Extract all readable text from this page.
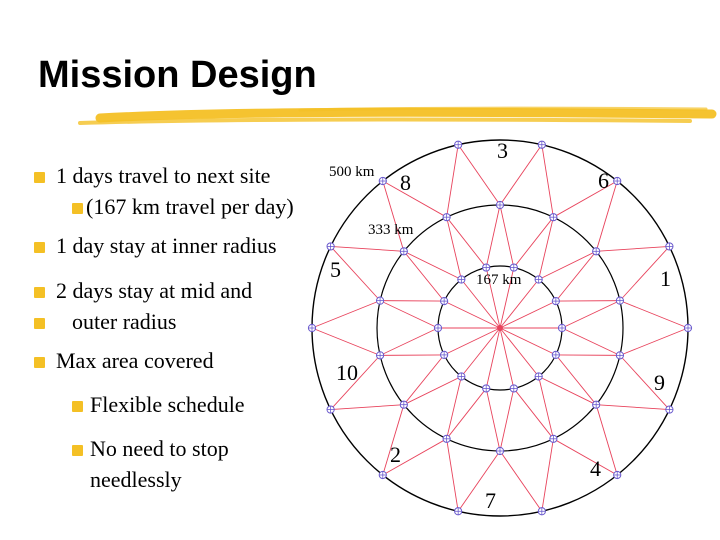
Mission Design
1 days travel to next site
(167 km travel per day)
1 day stay at inner radius
2 days stay at mid and
outer radius
Max area covered
Flexible schedule
No need to stop
needlessly
500 km
333 km
167 km
3
8	6
5	1
10	9
2
4
7
